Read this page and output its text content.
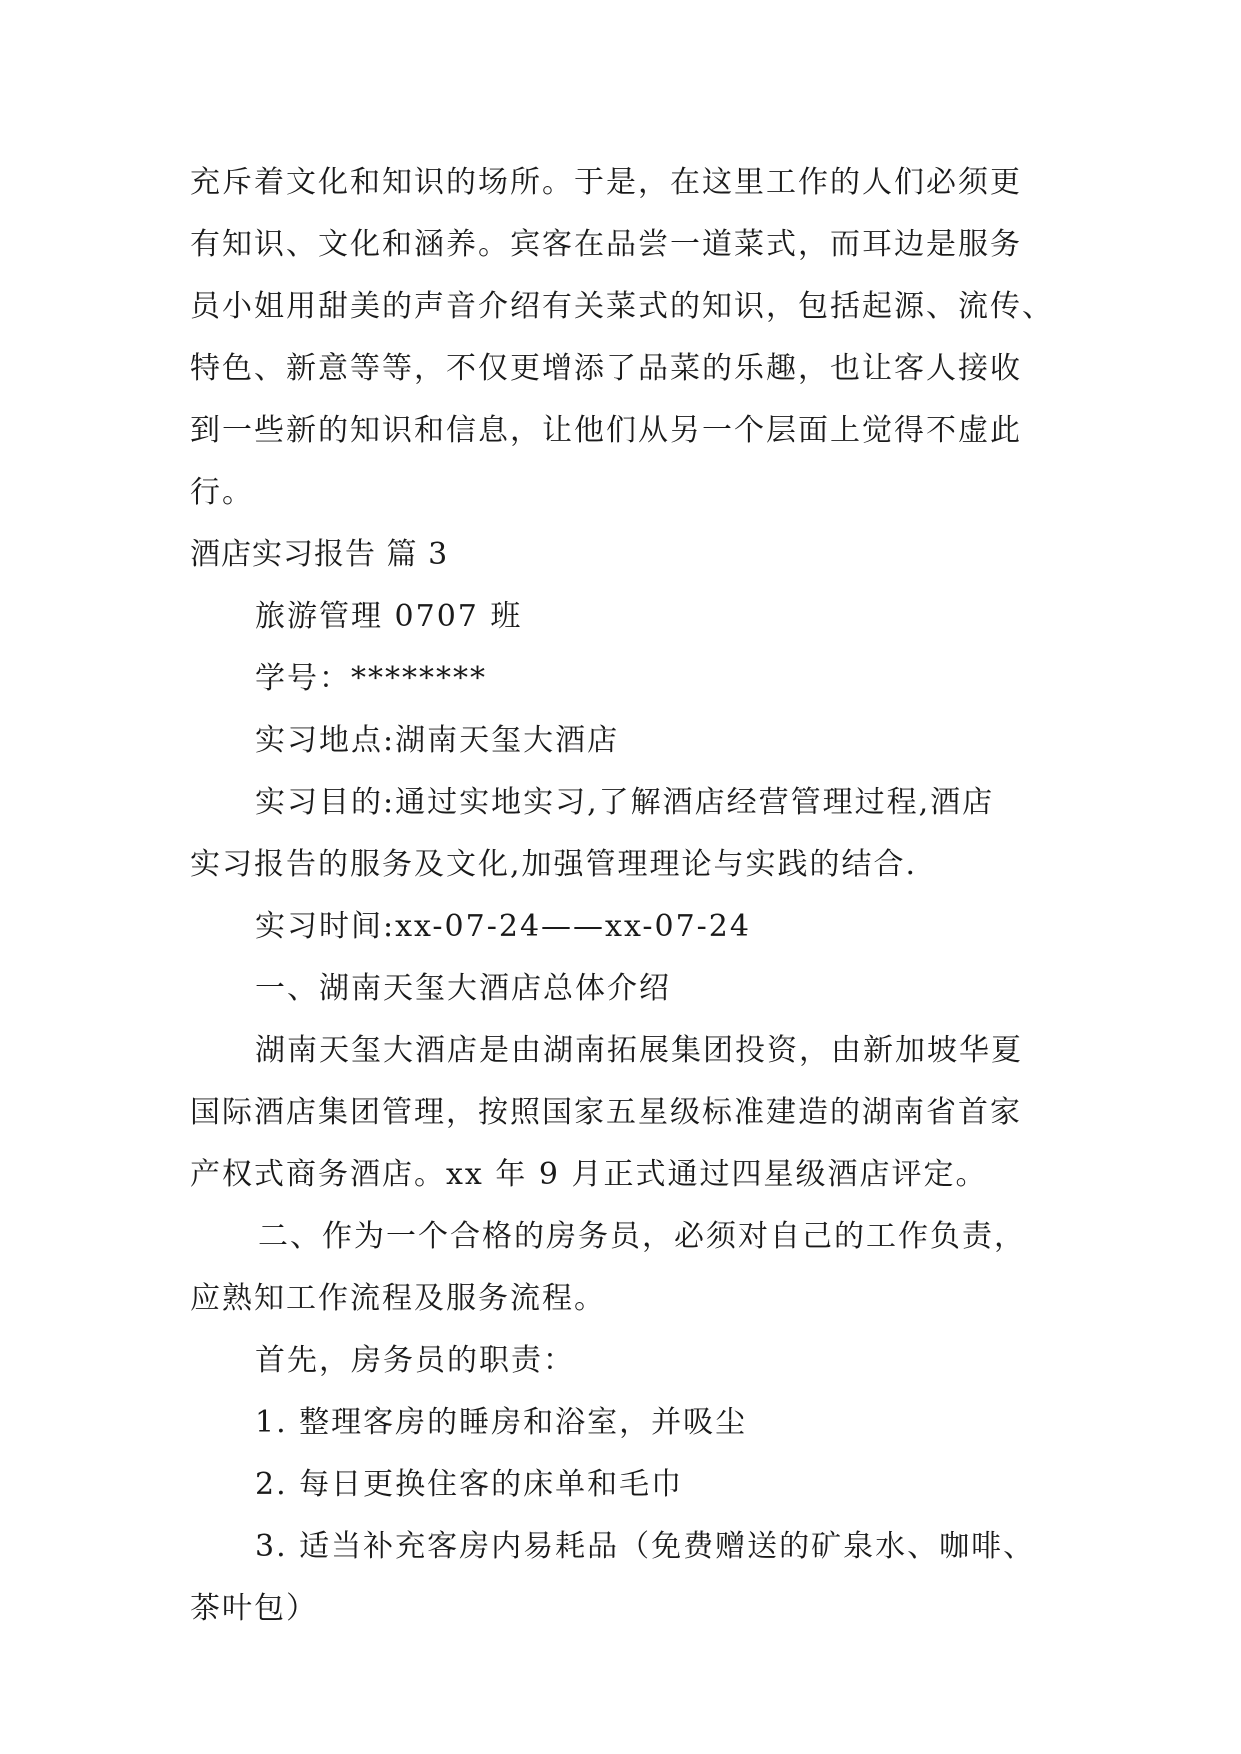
充斥着文化和知识的场所。于是，在这里工作的人们必须更
有知识、文化和涵养。宾客在品尝一道菜式，而耳边是服务
员小姐用甜美的声音介绍有关菜式的知识，包括起源、流传、
特色、新意等等，不仅更增添了品菜的乐趣，也让客人接收
到一些新的知识和信息，让他们从另一个层面上觉得不虚此
行。
酒店实习报告 篇 3
旅游管理 0707 班
学号：********
实习地点:湖南天玺大酒店
实习目的:通过实地实习,了解酒店经营管理过程,酒店
实习报告的服务及文化,加强管理理论与实践的结合.
实习时间:xx-07-24——xx-07-24
一、湖南天玺大酒店总体介绍
湖南天玺大酒店是由湖南拓展集团投资，由新加坡华夏
国际酒店集团管理，按照国家五星级标准建造的湖南省首家
产权式商务酒店。xx 年 9 月正式通过四星级酒店评定。
二、作为一个合格的房务员，必须对自己的工作负责，
应熟知工作流程及服务流程。
首先，房务员的职责：
1. 整理客房的睡房和浴室，并吸尘
2. 每日更换住客的床单和毛巾
3. 适当补充客房内易耗品（免费赠送的矿泉水、咖啡、
茶叶包）
